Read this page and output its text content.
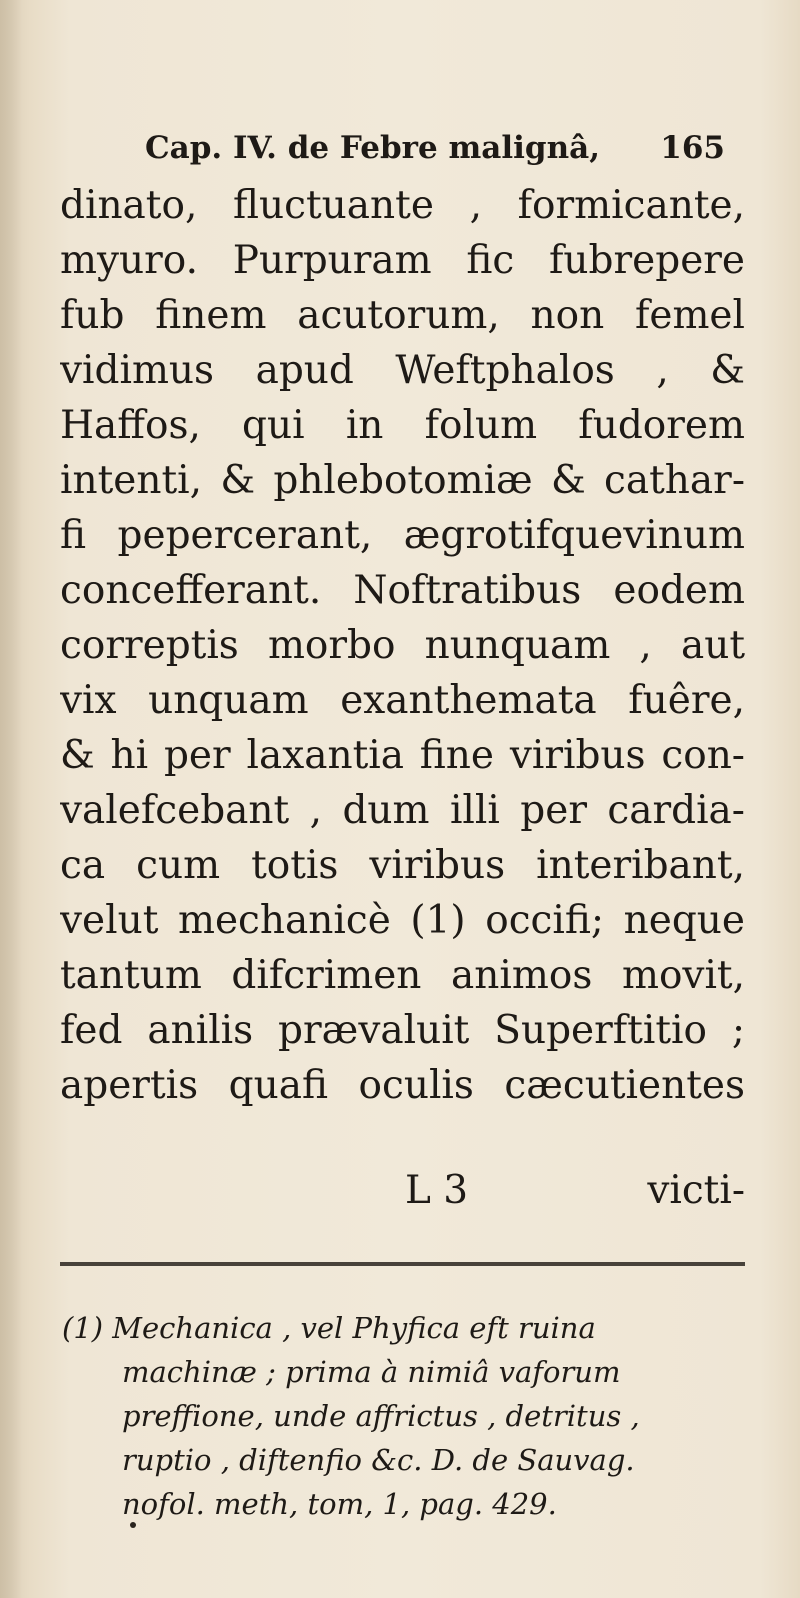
Cap. IV. de Febre malignâ, 165
dinato, fluctuante , formicante,
myuro. Purpuram fic fubrepere
fub finem acutorum, non femel
vidimus apud Weftphalos , &
Haffos, qui in folum fudorem
intenti, & phlebotomiæ & cathar-
fi pepercerant, ægrotifquevinum
concefferant. Noftratibus eodem
correptis morbo nunquam , aut
vix unquam exanthemata fuêre,
& hi per laxantia fine viribus con-
valefcebant , dum illi per cardia-
ca cum totis viribus interibant,
velut mechanicè (1) occifi; neque
tantum difcrimen animos movit,
fed anilis prævaluit Superftitio ;
apertis quafi oculis cæcutientes
L 3	victi-
(1) Mechanica , vel Phyfica eft ruina
machinæ ; prima à nimiâ vaforum
preffione, unde affrictus , detritus ,
ruptio , diftenfio &c. D. de Sauvag.
nofol. meth, tom, 1, pag. 429.
